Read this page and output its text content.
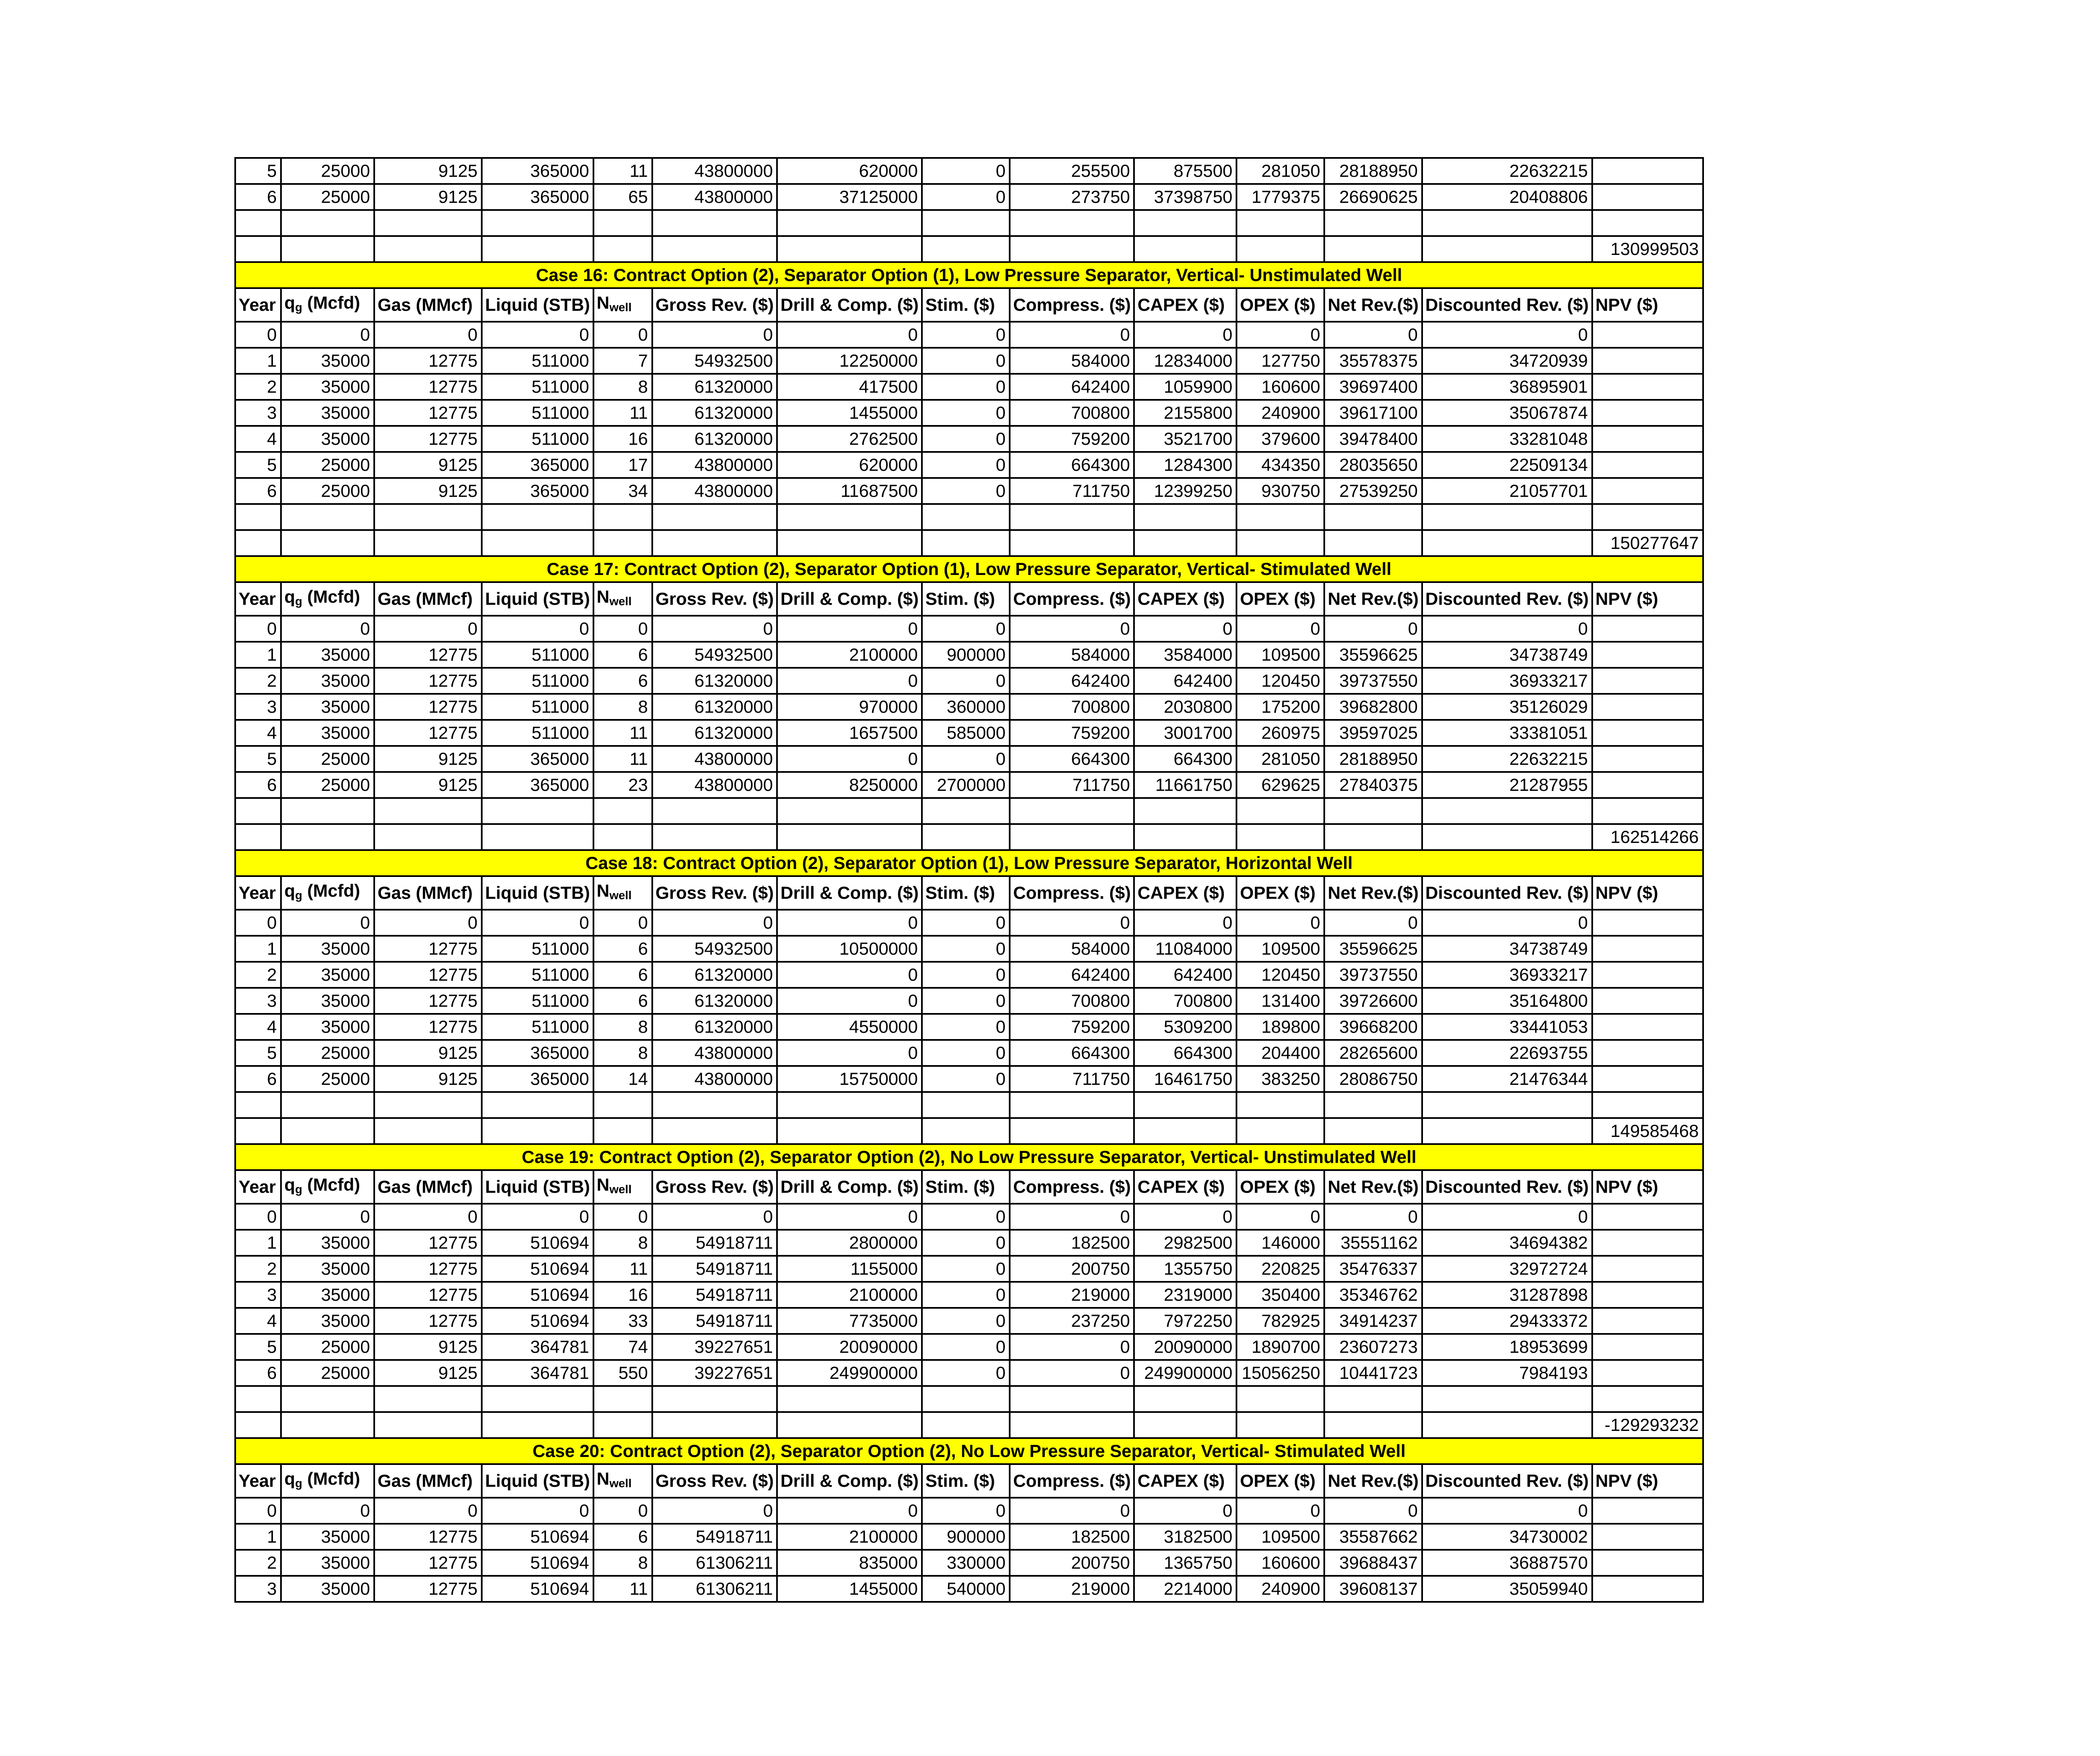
5	25000	9125	365000	11	43800000	620000	0	255500	875500	281050	28188950	22632215	
6	25000	9125	365000	65	43800000	37125000	0	273750	37398750	1779375	26690625	20408806	

													130999503
Case 16: Contract Option (2), Separator Option (1), Low Pressure Separator, Vertical- Unstimulated Well													
Year	$q_g$ (Mcfd)	Gas (MMcf)	Liquid (STB)	$N_{well}$	Gross Rev. ($)	Drill & Comp. ($)	Stim. ($)	Compress. ($)	CAPEX ($)	OPEX ($)	Net Rev.($)	Discounted Rev. ($)	NPV ($)
0	0	0	0	0	0	0	0	0	0	0	0	0	
1	35000	12775	511000	7	54932500	12250000	0	584000	12834000	127750	35578375	34720939	
2	35000	12775	511000	8	61320000	417500	0	642400	1059900	160600	39697400	36895901	
3	35000	12775	511000	11	61320000	1455000	0	700800	2155800	240900	39617100	35067874	
4	35000	12775	511000	16	61320000	2762500	0	759200	3521700	379600	39478400	33281048	
5	25000	9125	365000	17	43800000	620000	0	664300	1284300	434350	28035650	22509134	
6	25000	9125	365000	34	43800000	11687500	0	711750	12399250	930750	27539250	21057701	

													150277647
Case 17: Contract Option (2), Separator Option (1), Low Pressure Separator, Vertical- Stimulated Well													
Year	$q_g$ (Mcfd)	Gas (MMcf)	Liquid (STB)	$N_{well}$	Gross Rev. ($)	Drill & Comp. ($)	Stim. ($)	Compress. ($)	CAPEX ($)	OPEX ($)	Net Rev.($)	Discounted Rev. ($)	NPV ($)
0	0	0	0	0	0	0	0	0	0	0	0	0	
1	35000	12775	511000	6	54932500	2100000	900000	584000	3584000	109500	35596625	34738749	
2	35000	12775	511000	6	61320000	0	0	642400	642400	120450	39737550	36933217	
3	35000	12775	511000	8	61320000	970000	360000	700800	2030800	175200	39682800	35126029	
4	35000	12775	511000	11	61320000	1657500	585000	759200	3001700	260975	39597025	33381051	
5	25000	9125	365000	11	43800000	0	0	664300	664300	281050	28188950	22632215	
6	25000	9125	365000	23	43800000	8250000	2700000	711750	11661750	629625	27840375	21287955	

													162514266
Case 18: Contract Option (2), Separator Option (1), Low Pressure Separator, Horizontal Well													
Year	$q_g$ (Mcfd)	Gas (MMcf)	Liquid (STB)	$N_{well}$	Gross Rev. ($)	Drill & Comp. ($)	Stim. ($)	Compress. ($)	CAPEX ($)	OPEX ($)	Net Rev.($)	Discounted Rev. ($)	NPV ($)
0	0	0	0	0	0	0	0	0	0	0	0	0	
1	35000	12775	511000	6	54932500	10500000	0	584000	11084000	109500	35596625	34738749	
2	35000	12775	511000	6	61320000	0	0	642400	642400	120450	39737550	36933217	
3	35000	12775	511000	6	61320000	0	0	700800	700800	131400	39726600	35164800	
4	35000	12775	511000	8	61320000	4550000	0	759200	5309200	189800	39668200	33441053	
5	25000	9125	365000	8	43800000	0	0	664300	664300	204400	28265600	22693755	
6	25000	9125	365000	14	43800000	15750000	0	711750	16461750	383250	28086750	21476344	

													149585468
Case 19: Contract Option (2), Separator Option (2), No Low Pressure Separator, Vertical- Unstimulated Well													
Year	$q_g$ (Mcfd)	Gas (MMcf)	Liquid (STB)	$N_{well}$	Gross Rev. ($)	Drill & Comp. ($)	Stim. ($)	Compress. ($)	CAPEX ($)	OPEX ($)	Net Rev.($)	Discounted Rev. ($)	NPV ($)
0	0	0	0	0	0	0	0	0	0	0	0	0	
1	35000	12775	510694	8	54918711	2800000	0	182500	2982500	146000	35551162	34694382	
2	35000	12775	510694	11	54918711	1155000	0	200750	1355750	220825	35476337	32972724	
3	35000	12775	510694	16	54918711	2100000	0	219000	2319000	350400	35346762	31287898	
4	35000	12775	510694	33	54918711	7735000	0	237250	7972250	782925	34914237	29433372	
5	25000	9125	364781	74	39227651	20090000	0	0	20090000	1890700	23607273	18953699	
6	25000	9125	364781	550	39227651	249900000	0	0	249900000	15056250	10441723	7984193	

													-129293232
Case 20: Contract Option (2), Separator Option (2), No Low Pressure Separator, Vertical- Stimulated Well													
Year	$q_g$ (Mcfd)	Gas (MMcf)	Liquid (STB)	$N_{well}$	Gross Rev. ($)	Drill & Comp. ($)	Stim. ($)	Compress. ($)	CAPEX ($)	OPEX ($)	Net Rev.($)	Discounted Rev. ($)	NPV ($)
0	0	0	0	0	0	0	0	0	0	0	0	0	
1	35000	12775	510694	6	54918711	2100000	900000	182500	3182500	109500	35587662	34730002	
2	35000	12775	510694	8	61306211	835000	330000	200750	1365750	160600	39688437	36887570	
3	35000	12775	510694	11	61306211	1455000	540000	219000	2214000	240900	39608137	35059940	
